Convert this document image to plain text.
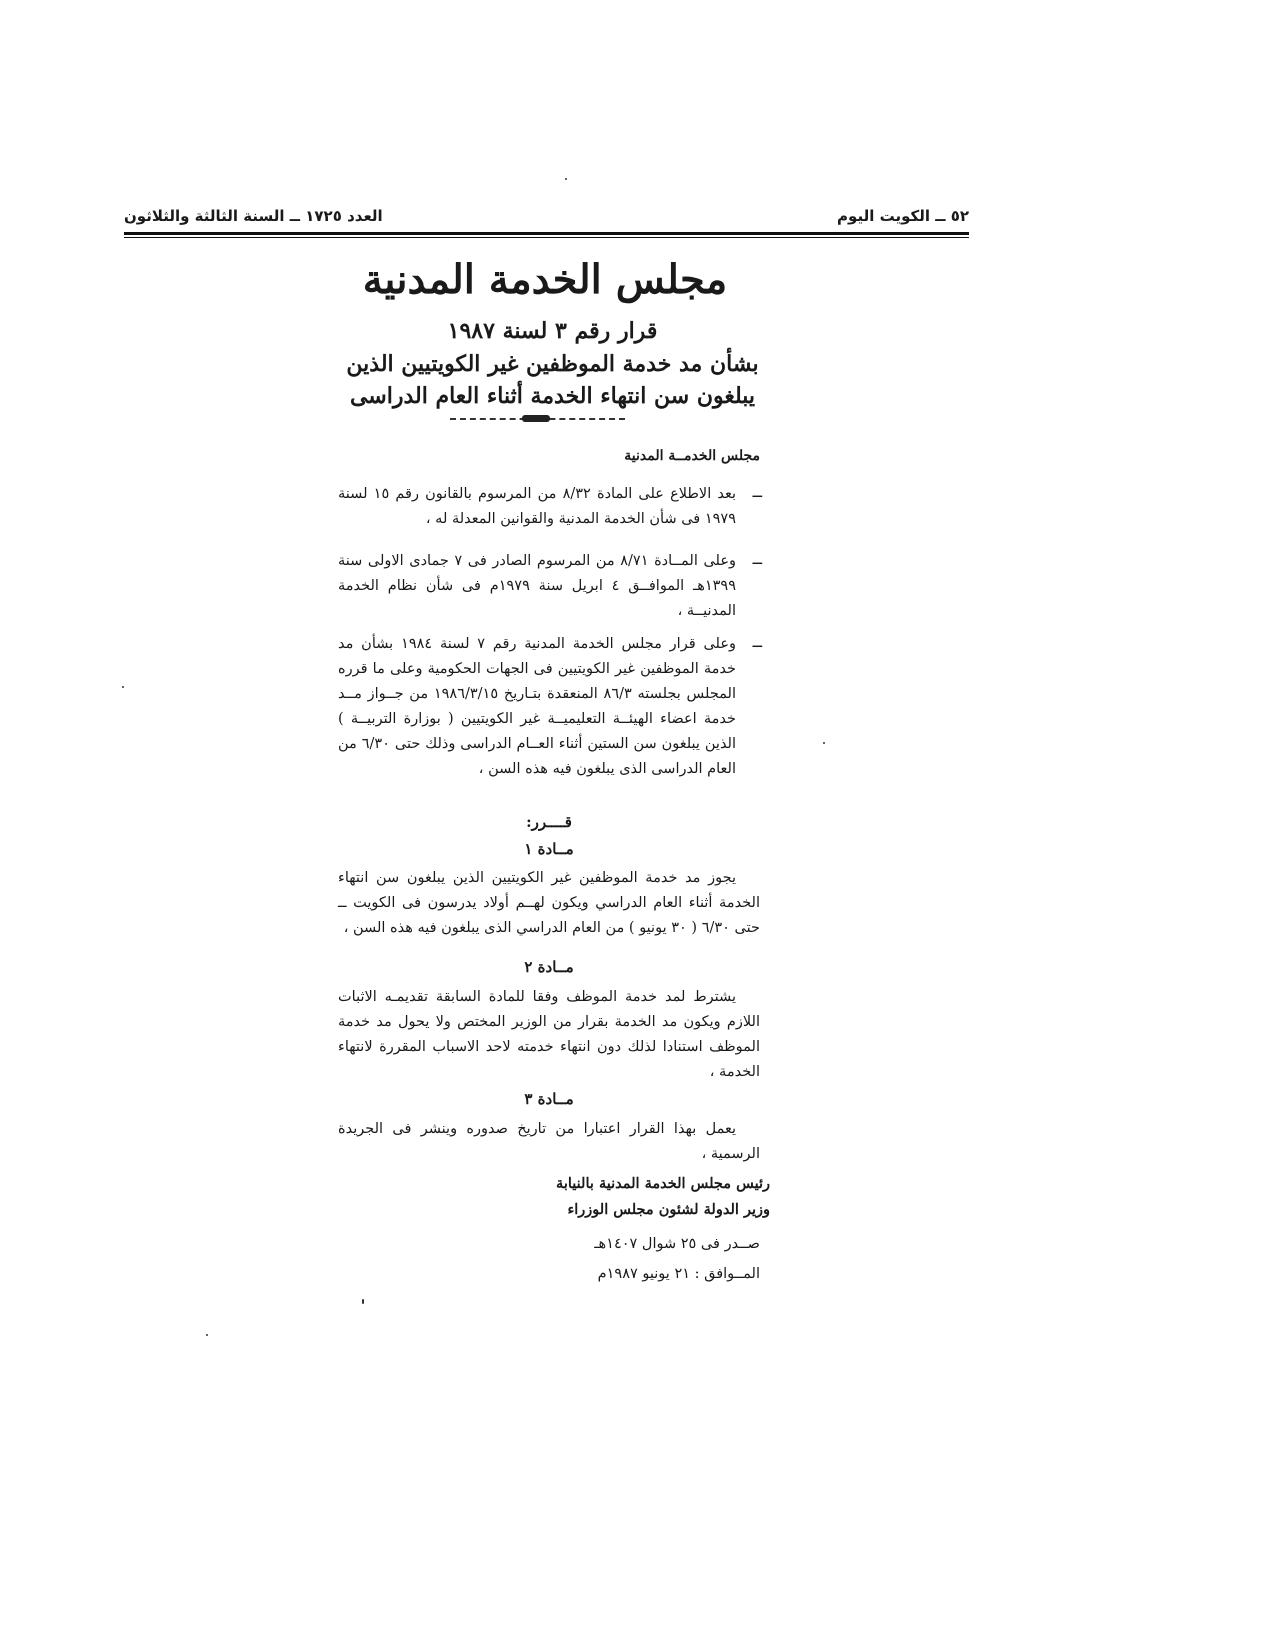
٥٢ ــ الكويت اليوم
العدد ١٧٢٥ ــ السنة الثالثة والثلاثون
مجلس الخدمة المدنية
قرار رقم ٣ لسنة ١٩٨٧
بشأن مد خدمة الموظفين غير الكويتيين الذين
يبلغون سن انتهاء الخدمة أثناء العام الدراسى
مجلس الخدمــة المدنية
ــ
بعد الاطلاع على المادة ٨/٣٢ من المرسوم بالقانون رقم ١٥ لسنة ١٩٧٩ فى شأن الخدمة المدنية والقوانين المعدلة له ،
ــ
وعلى المــادة ٨/٧١ من المرسوم الصادر فى ٧ جمادى الاولى سنة ١٣٩٩هـ الموافــق ٤ ابريل سنة ١٩٧٩م فى شأن نظام الخدمة المدنيــة ،
ــ
وعلى قرار مجلس الخدمة المدنية رقم ٧ لسنة ١٩٨٤ بشأن مد خدمة الموظفين غير الكويتيين فى الجهات الحكومية وعلى ما قرره المجلس بجلسته ٨٦/٣ المنعقدة بتـاريخ ١٩٨٦/٣/١٥ من جــواز مــد خدمة اعضاء الهيئــة التعليميــة غير الكويتيين ( بوزارة التربيــة ) الذين يبلغون سن الستين أثناء العــام الدراسى وذلك حتى ٦/٣٠ من العام الدراسى الذى يبلغون فيه هذه السن ،
قــــرر:
مــادة ١
يجوز مد خدمة الموظفين غير الكويتيين الذين يبلغون سن انتهاء الخدمة أثناء العام الدراسي ويكون لهــم أولاد يدرسون فى الكويت ــ حتى ٦/٣٠ ( ٣٠ يونيو ) من العام الدراسي الذى يبلغون فيه هذه السن ،
مــادة ٢
يشترط لمد خدمة الموظف وفقا للمادة السابقة تقديمـه الاثبات اللازم ويكون مد الخدمة بقرار من الوزير المختص ولا يحول مد خدمة الموظف استنادا لذلك دون انتهاء خدمته لاحد الاسباب المقررة لانتهاء الخدمة ،
مــادة ٣
يعمل بهذا القرار اعتبارا من تاريخ صدوره وينشر فى الجريدة الرسمية ،
رئيس مجلس الخدمة المدنية بالنيابة
وزير الدولة لشئون مجلس الوزراء
صــدر فى ٢٥ شوال ١٤٠٧هـ
المــوافق : ٢١ يونيو ١٩٨٧م
